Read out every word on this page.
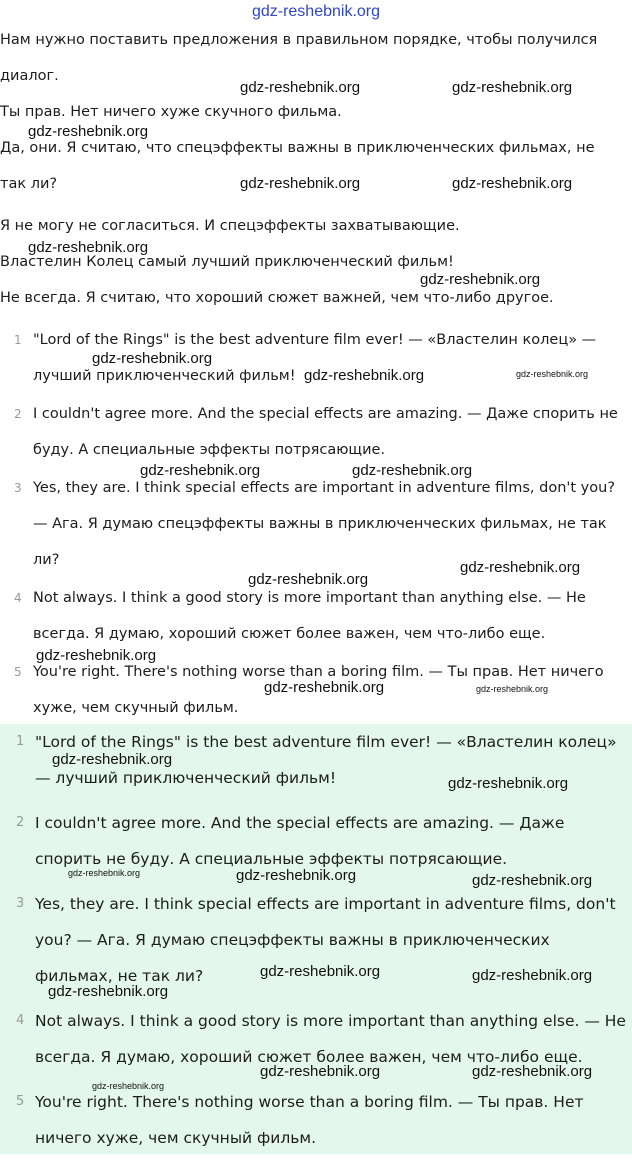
gdz-reshebnik.org

Нам нужно поставить предложения в правильном порядке, чтобы получился

диалог.

Ты прав. Нет ничего хуже скучного фильма.

Да, они. Я считаю, что спецэффекты важны в приключенческих фильмах, не

так ли?

Я не могу не согласиться. И спецэффекты захватывающие.

Властелин Колец самый лучший приключенческий фильм!

Не всегда. Я считаю, что хороший сюжет важней, чем что-либо другое.

1 "Lord of the Rings" is the best adventure film ever! — «Властелин колец» — лучший приключенческий фильм!
2 I couldn't agree more. And the special effects are amazing. — Даже спорить не буду. А специальные эффекты потрясающие.
3 Yes, they are. I think special effects are important in adventure films, don't you? — Ага. Я думаю спецэффекты важны в приключенческих фильмах, не так ли?
4 Not always. I think a good story is more important than anything else. — Не всегда. Я думаю, хороший сюжет более важен, чем что-либо еще.
5 You're right. There's nothing worse than a boring film. — Ты прав. Нет ничего хуже, чем скучный фильм.
1 "Lord of the Rings" is the best adventure film ever! — «Властелин колец» — лучший приключенческий фильм!
2 I couldn't agree more. And the special effects are amazing. — Даже спорить не буду. А специальные эффекты потрясающие.
3 Yes, they are. I think special effects are important in adventure films, don't you? — Ага. Я думаю спецэффекты важны в приключенческих фильмах, не так ли?
4 Not always. I think a good story is more important than anything else. — Не всегда. Я думаю, хороший сюжет более важен, чем что-либо еще.
5 You're right. There's nothing worse than a boring film. — Ты прав. Нет ничего хуже, чем скучный фильм.
gdz-reshebnik.org	gdz-reshebnik.org
gdz-reshebnik.org
gdz-reshebnik.org	gdz-reshebnik.org
gdz-reshebnik.org
gdz-reshebnik.org
gdz-reshebnik.org
gdz-reshebnik.org	gdz-reshebnik.org
gdz-reshebnik.org	gdz-reshebnik.org
gdz-reshebnik.org
gdz-reshebnik.org
gdz-reshebnik.org
gdz-reshebnik.org	gdz-reshebnik.org
gdz-reshebnik.org
gdz-reshebnik.org
gdz-reshebnik.org	gdz-reshebnik.org	gdz-reshebnik.org
gdz-reshebnik.org	gdz-reshebnik.org
gdz-reshebnik.org
gdz-reshebnik.org	gdz-reshebnik.org
gdz-reshebnik.org
